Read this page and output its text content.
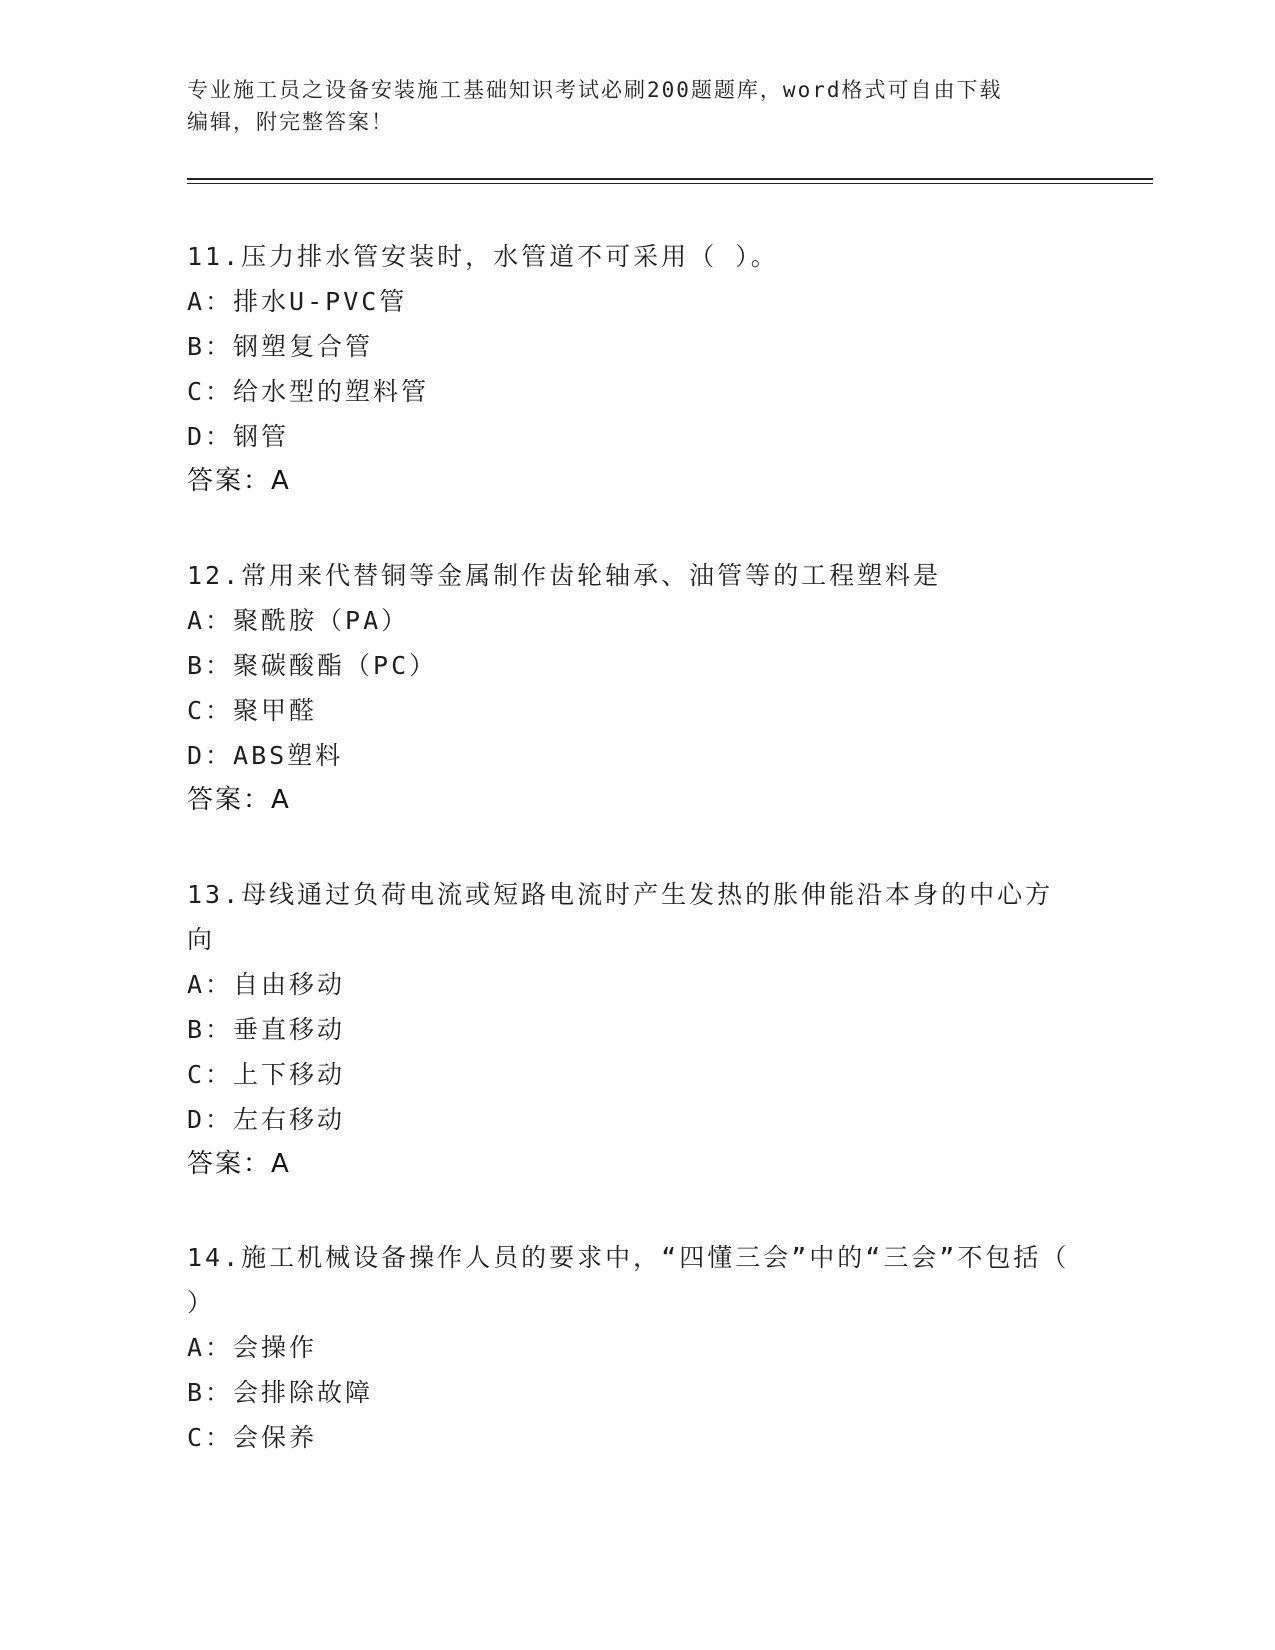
专业施工员之设备安装施工基础知识考试必刷200题题库，word格式可自由下载
编辑，附完整答案！

11.压力排水管安装时，水管道不可采用（ ）。

A：排水U-PVC管

B：钢塑复合管

C：给水型的塑料管

D：钢管

答案：A

12.常用来代替铜等金属制作齿轮轴承、油管等的工程塑料是

A：聚酰胺（PA）

B：聚碳酸酯（PC）

C：聚甲醛

D：ABS塑料

答案：A

13.母线通过负荷电流或短路电流时产生发热的胀伸能沿本身的中心方向

A：自由移动

B：垂直移动

C：上下移动

D：左右移动

答案：A

14.施工机械设备操作人员的要求中，“四懂三会”中的“三会”不包括（ ）

A：会操作

B：会排除故障

C：会保养
